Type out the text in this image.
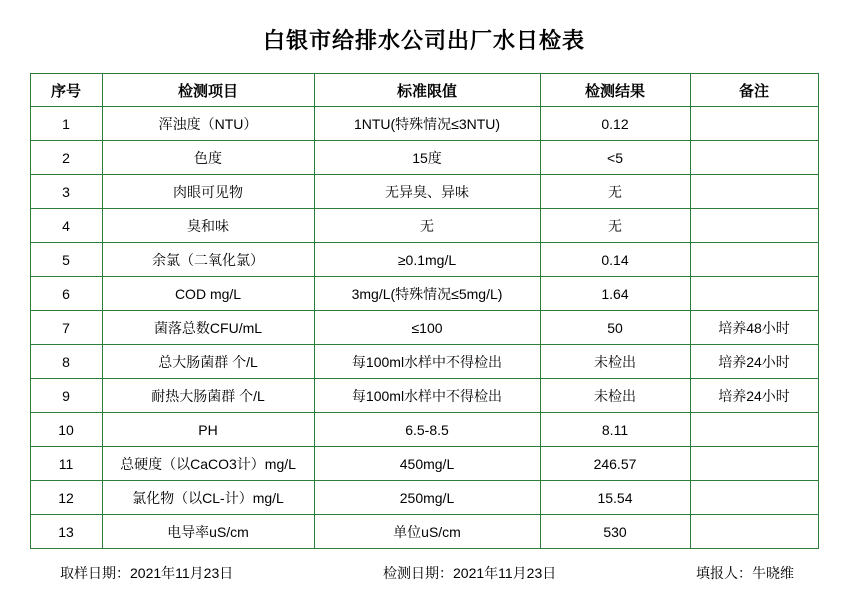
白银市给排水公司出厂水日检表
序号	检测项目	标准限值	检测结果	备注

1	浑浊度（NTU）	1NTU(特殊情况≤3NTU)	0.12	

2	色度	15度	<5	

3	肉眼可见物	无异臭、异味	无	

4	臭和味	无	无	

5	余氯（二氧化氯）	≥0.1mg/L	0.14	

6	COD mg/L	3mg/L(特殊情况≤5mg/L)	1.64	

7	菌落总数CFU/mL	≤100	50	培养48小时

8	总大肠菌群 个/L	每100ml水样中不得检出	未检出	培养24小时

9	耐热大肠菌群 个/L	每100ml水样中不得检出	未检出	培养24小时

10	PH	6.5-8.5	8.11	

11	总硬度（以CaCO3计）mg/L	450mg/L	246.57	

12	氯化物（以CL-计）mg/L	250mg/L	15.54	

13	电导率uS/cm	单位uS/cm	530	

取样日期：2021年11月23日	检测日期：2021年11月23日	填报人：牛晓维
